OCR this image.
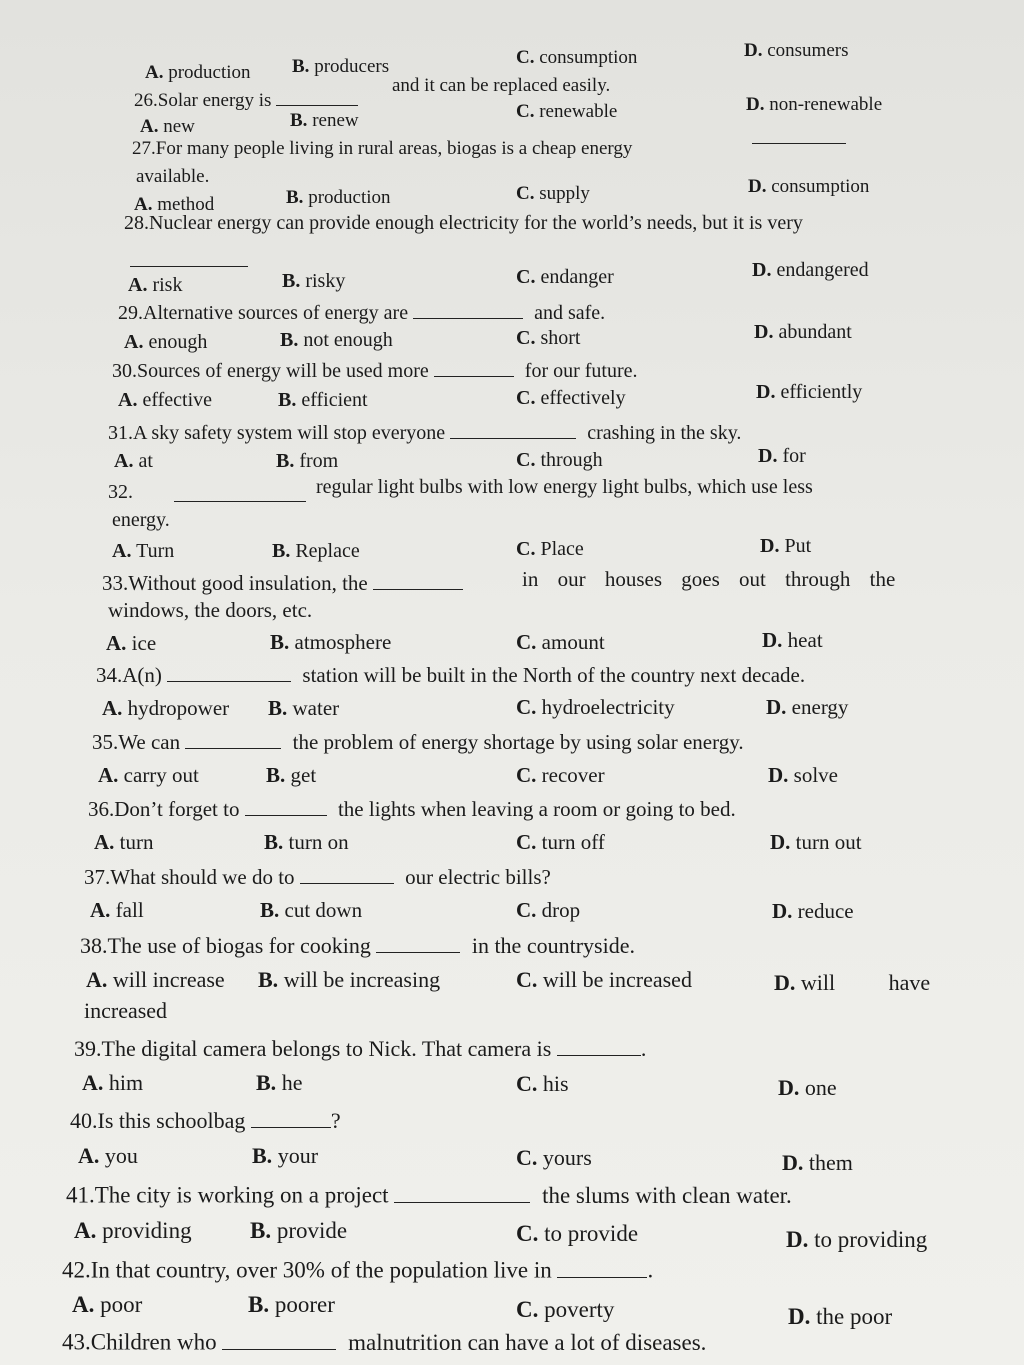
A. production B. producers	C. consumption	D. consumers
26.Solar energy is
and it can be replaced easily.
A. new	B. renew	C. renewable	D. non-renewable
27.For many people living in rural areas, biogas is a cheap energy
available.
A. method	B. production	C. supply	D. consumption
28.Nuclear energy can provide enough electricity for the world’s needs, but it is very
A. risk	B. risky	C. endanger	D. endangered
29.Alternative sources of energy are	and safe.
A. enough	B. not enough	C. short	D. abundant
30.Sources of energy will be used more	for our future.
A. effective	B. efficient	C. effectively	D. efficiently
31.A sky safety system will stop everyone	crashing in the sky.
A. at	B. from	C. through	D. for
32.	regular light bulbs with low energy light bulbs, which use less
energy.
A. Turn	B. Replace	C. Place	D. Put
33.Without good insulation, the	in our houses goes out through the
windows, the doors, etc.
A. ice	B. atmosphere	C. amount	D. heat
34.A(n)	station will be built in the North of the country next decade.
A. hydropower B. water	C. hydroelectricity	D. energy
35.We can	the problem of energy shortage by using solar energy.
A. carry out	B. get	C. recover	D. solve
36.Don’t forget to	the lights when leaving a room or going to bed.
A. turn	B. turn on	C. turn off	D. turn out
37.What should we do to	our electric bills?
A. fall	B. cut down	C. drop	D. reduce
38.The use of biogas for cooking	in the countryside.
A. will increase B. will be increasing	C. will be increased	D. will have
increased
39.The digital camera belongs to Nick. That camera is	.
A. him	B. he	C. his	D. one
40.Is this schoolbag	?
A. you	B. your	C. yours	D. them
41.The city is working on a project	the slums with clean water.
A. providing	B. provide	C. to provide	D. to providing
42.In that country, over 30% of the population live in	.
A. poor	B. poorer	C. poverty	D. the poor
43.Children who	malnutrition can have a lot of diseases.
